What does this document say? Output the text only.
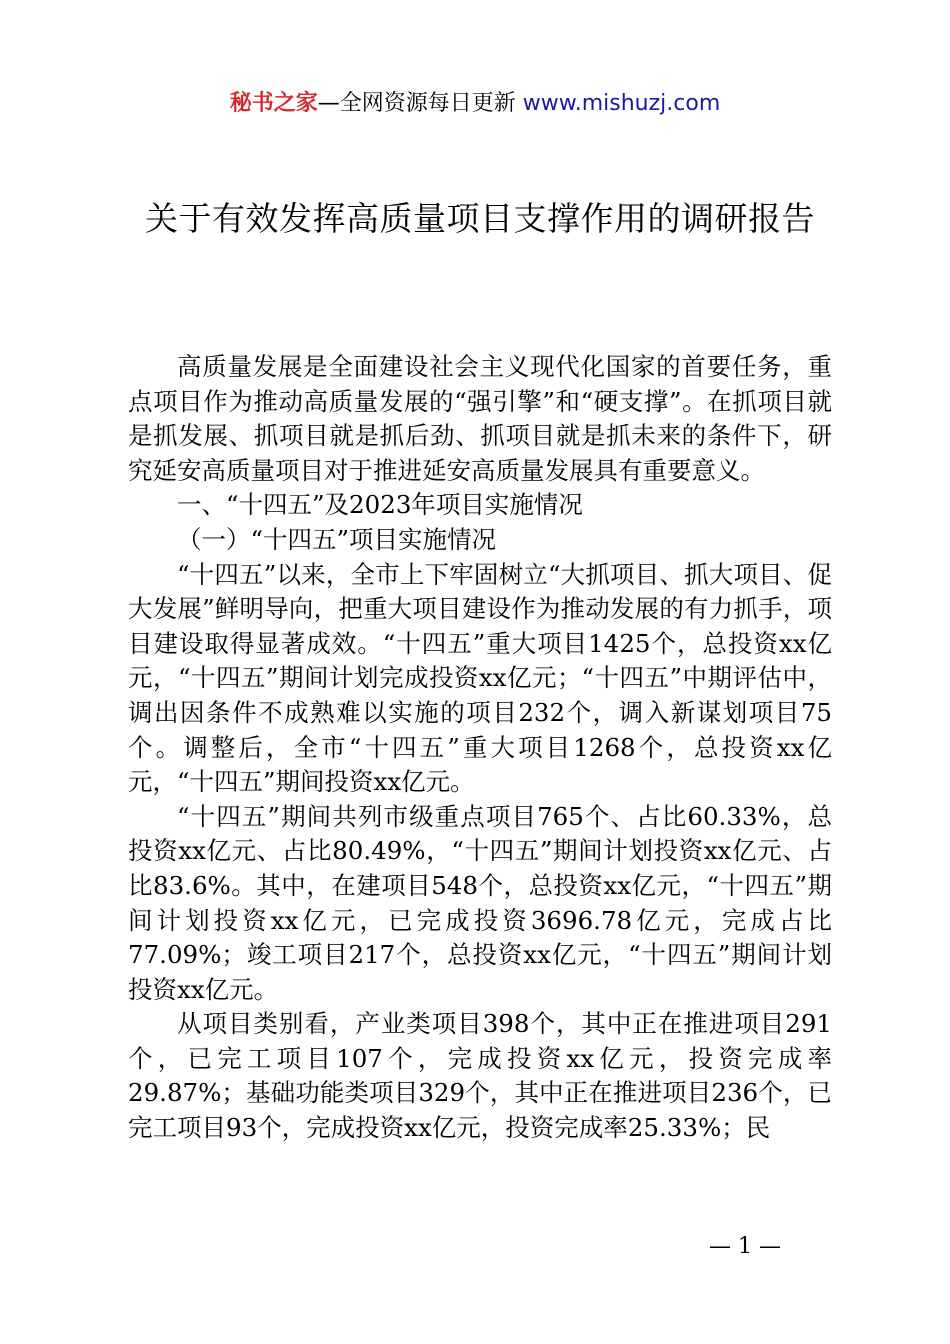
秘书之家—全网资源每日更新 www.mishuzj.com
关于有效发挥高质量项目支撑作用的调研报告

高质量发展是全面建设社会主义现代化国家的首要任务，重点项目作为推动高质量发展的“强引擎”和“硬支撑”。在抓项目就是抓发展、抓项目就是抓后劲、抓项目就是抓未来的条件下，研究延安高质量项目对于推进延安高质量发展具有重要意义。

一、“十四五”及2023年项目实施情况

（一）“十四五”项目实施情况

“十四五”以来，全市上下牢固树立“大抓项目、抓大项目、促大发展”鲜明导向，把重大项目建设作为推动发展的有力抓手，项目建设取得显著成效。“十四五”重大项目1425个，总投资xx亿元，“十四五”期间计划完成投资xx亿元；“十四五”中期评估中，调出因条件不成熟难以实施的项目232个，调入新谋划项目75个。调整后，全市“十四五”重大项目1268个，总投资xx亿元，“十四五”期间投资xx亿元。

“十四五”期间共列市级重点项目765个、占比60.33%，总投资xx亿元、占比80.49%，“十四五”期间计划投资xx亿元、占比83.6%。其中，在建项目548个，总投资xx亿元，“十四五”期间计划投资xx亿元，已完成投资3696.78亿元，完成占比77.09%；竣工项目217个，总投资xx亿元，“十四五”期间计划投资xx亿元。

从项目类别看，产业类项目398个，其中正在推进项目291个，已完工项目107个，完成投资xx亿元，投资完成率29.87%；基础功能类项目329个，其中正在推进项目236个，已完工项目93个，完成投资xx亿元，投资完成率25.33%；民

— 1 —
